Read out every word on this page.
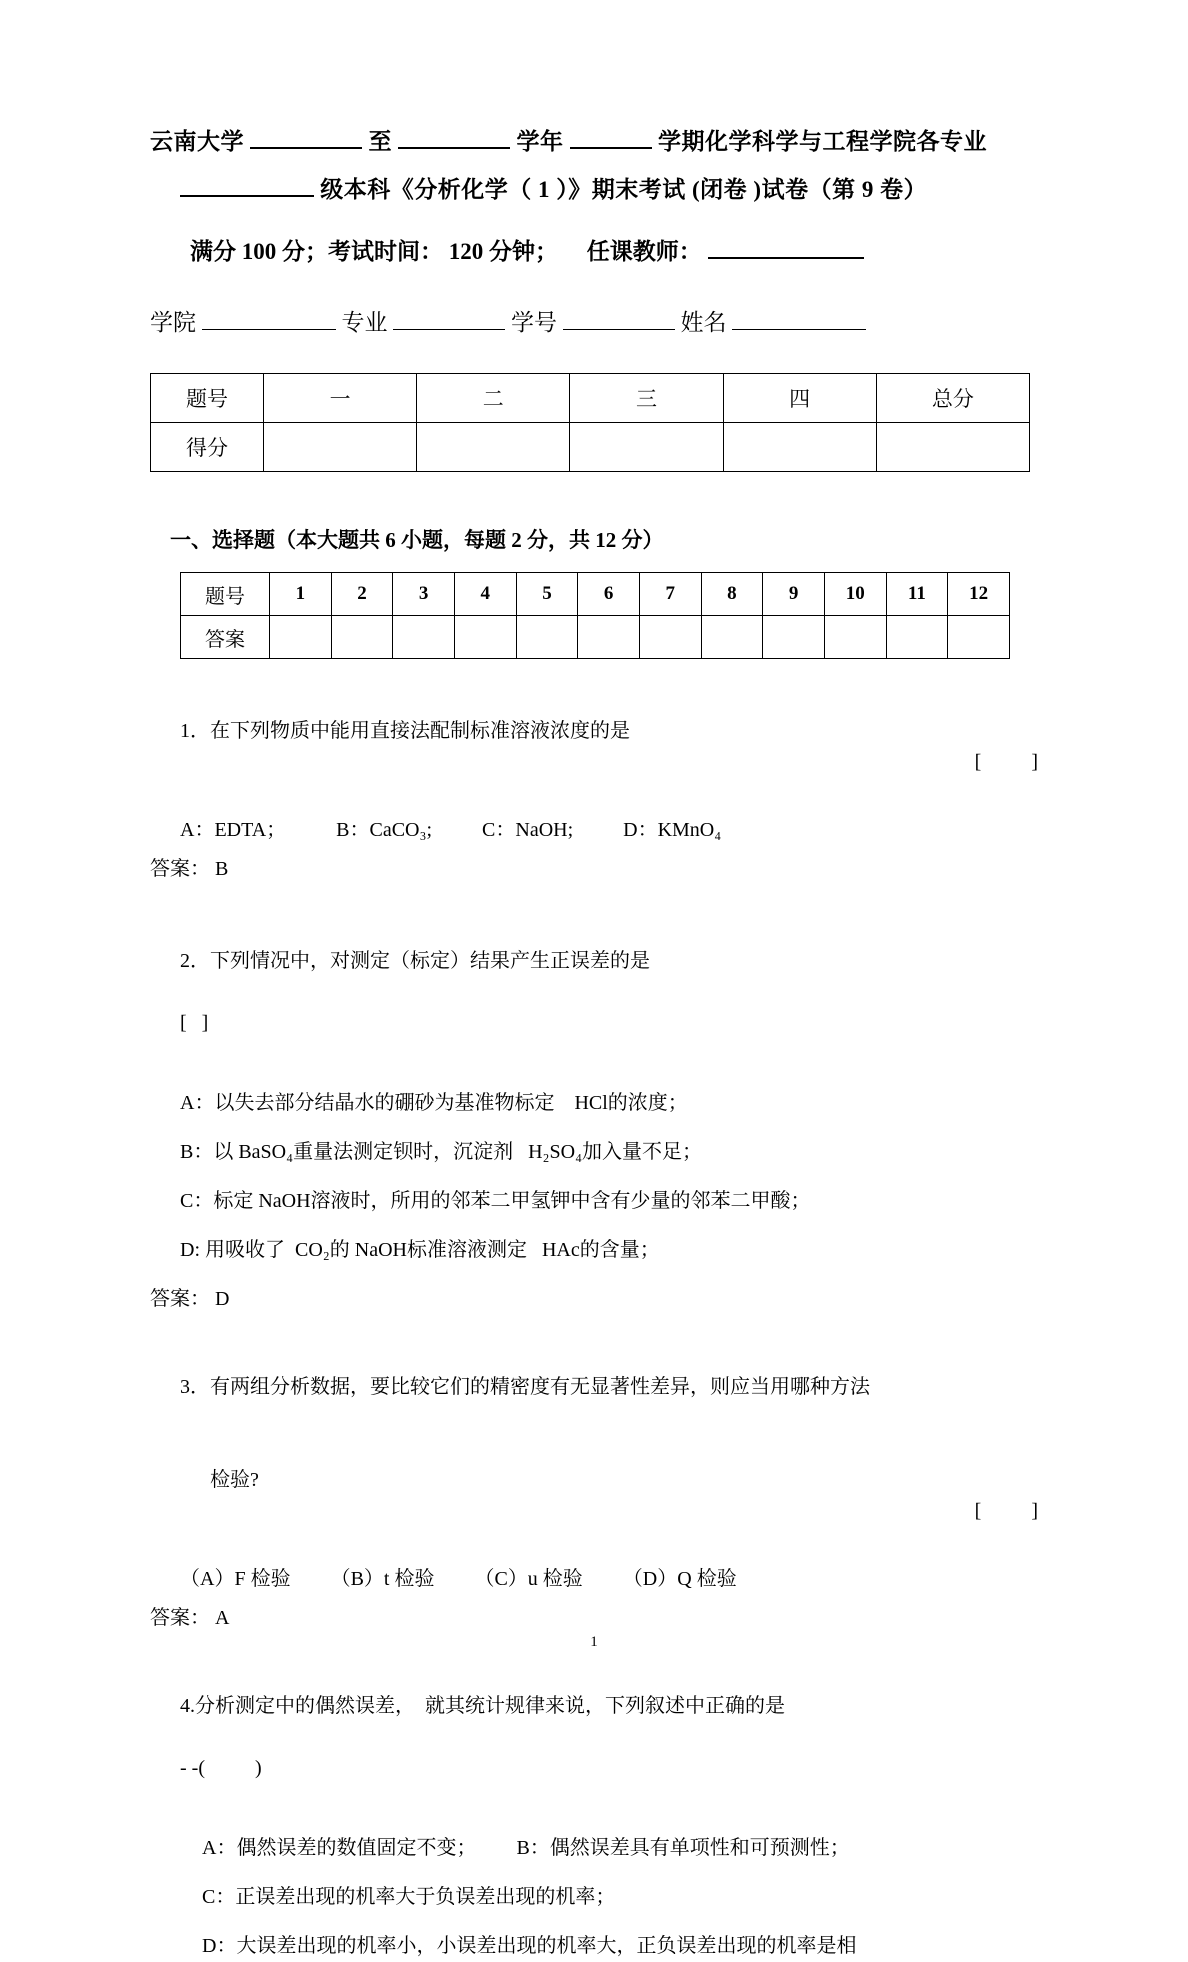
云南大学	至	学年	学期化学科学与工程学院各专业
级本科《分析化学（ 1 ）》期末考试 (闭卷 )试卷（第 9 卷）
满分 100 分；考试时间： 120 分钟； 任课教师：
学院	专业	学号	姓名
题号	一	二	三	四	总分
得分					
一、选择题（本大题共 6 小题，每题 2 分，共 12 分）
题号	1	2	3	4	5	6	7	8	9	10	11	12
答案												

1．在下列物质中能用直接法配制标准溶液浓度的是

[          ]

A：EDTA；          B：CaCO₃;          C：NaOH;          D：KMnO₄
答案： B

2．下列情况中，对测定（标定）结果产生正误差的是

[   ]

A：以失去部分结晶水的硼砂为基准物标定    HCl的浓度；
B：以 BaSO₄重量法测定钡时，沉淀剂   H₂SO₄加入量不足；
C：标定 NaOH溶液时，所用的邻苯二甲氢钾中含有少量的邻苯二甲酸；
D: 用吸收了  CO₂的 NaOH标准溶液测定   HAc的含量；
答案： D

3．有两组分析数据，要比较它们的精密度有无显著性差异，则应当用哪种方法

检验?

[          ]

（A）F 检验        （B）t 检验        （C）u 检验        （D）Q 检验
答案： A

4.分析测定中的偶然误差，  就其统计规律来说，下列叙述中正确的是

- -(          )

A：偶然误差的数值固定不变；        B：偶然误差具有单项性和可预测性；
C：正误差出现的机率大于负误差出现的机率；
D：大误差出现的机率小，小误差出现的机率大，正负误差出现的机率是相
1
